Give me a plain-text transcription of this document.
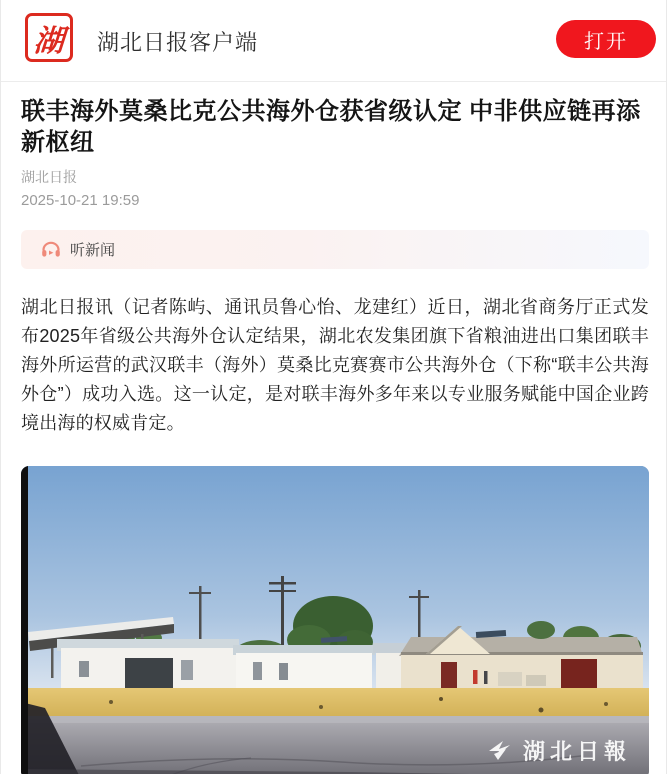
湖 湖北日报客户端	打开
联丰海外莫桑比克公共海外仓获省级认定 中非供应链再添新枢纽
湖北日报
2025-10-21 19:59
听新闻

湖北日报讯（记者陈屿、通讯员鲁心怡、龙建红）近日，湖北省商务厅正式发布2025年省级公共海外仓认定结果，湖北农发集团旗下省粮油进出口集团联丰海外所运营的武汉联丰（海外）莫桑比克赛赛市公共海外仓（下称“联丰公共海外仓”）成功入选。这一认定，是对联丰海外多年来以专业服务赋能中国企业跨境出海的权威肯定。

湖北日報
